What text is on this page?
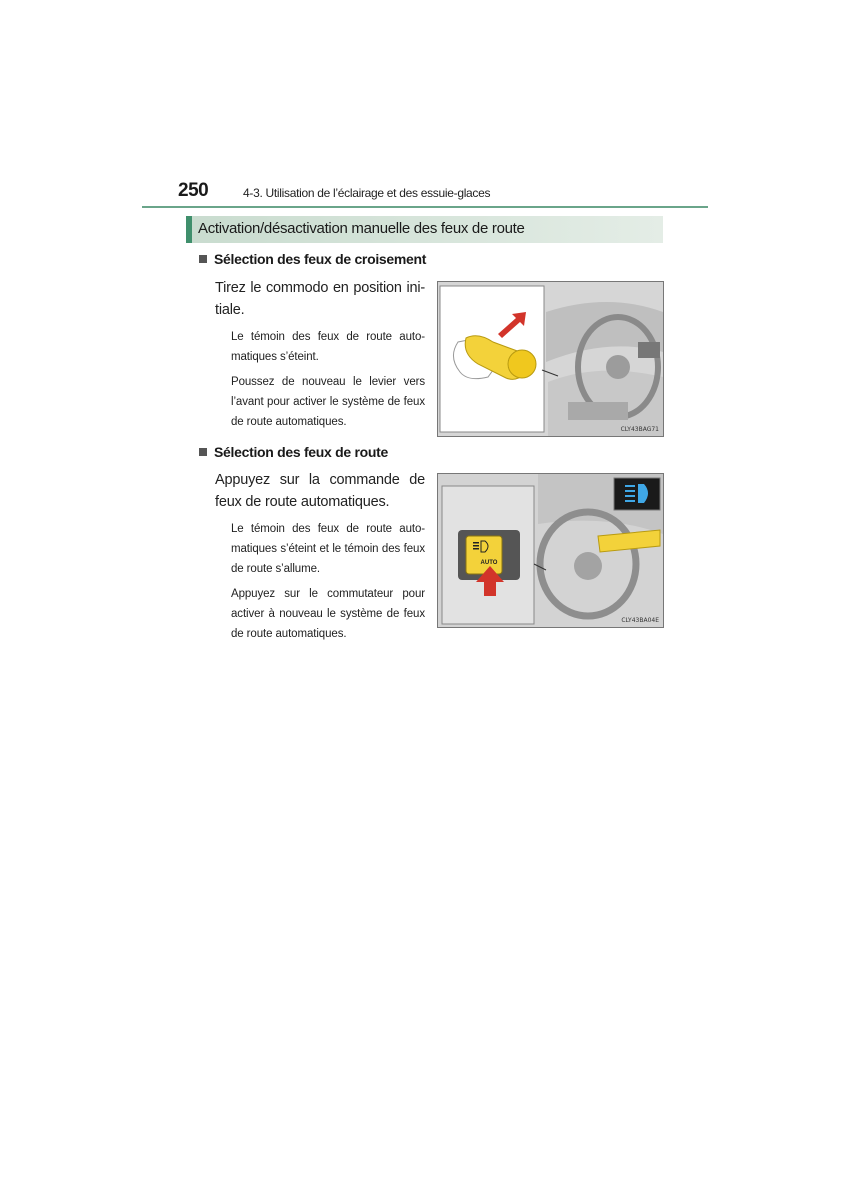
250	4-3. Utilisation de l’éclairage et des essuie-glaces
Activation/désactivation manuelle des feux de route
Sélection des feux de croisement
Tirez le commodo en position ini-tiale.
Le témoin des feux de route auto-matiques s’éteint.
Poussez de nouveau le levier vers l’avant pour activer le système de feux de route automatiques.
CLY43BAG71
Sélection des feux de route
Appuyez sur la commande de feux de route automatiques.
Le témoin des feux de route auto-matiques s’éteint et le témoin des feux de route s’allume.
Appuyez sur le commutateur pour activer à nouveau le système de feux de route automatiques.
AUTO
CLY43BA04E
